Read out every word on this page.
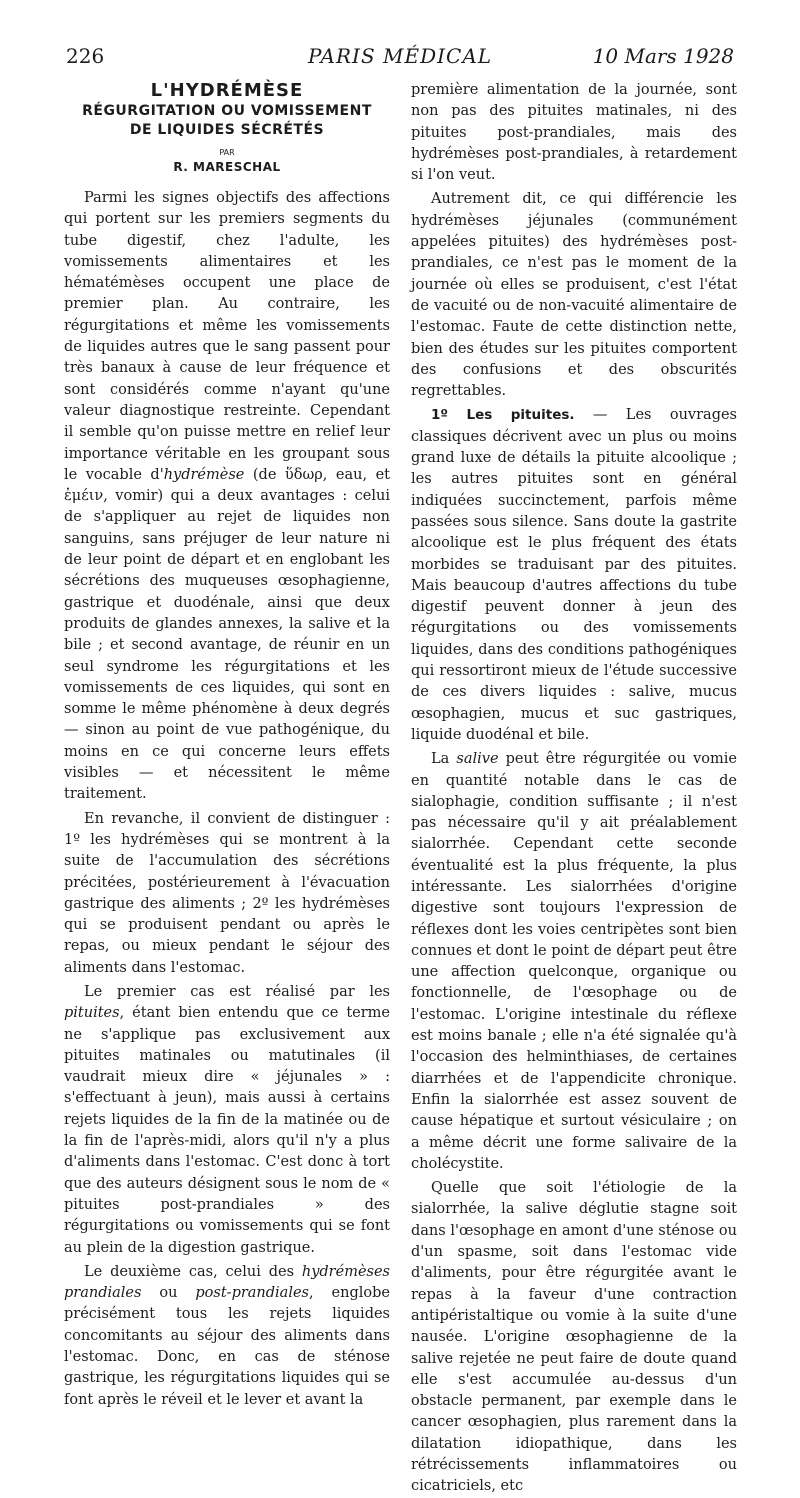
PARIS MÉDICAL
226	10 Mars 1928
L'HYDRÉMÈSE
RÉGURGITATION OU VOMISSEMENT
DE LIQUIDES SÉCRÉTÉS
PAR
R. MARESCHAL

Parmi les signes objectifs des affections qui portent sur les premiers segments du tube digestif, chez l'adulte, les vomissements alimentaires et les hématémèses occupent une place de premier plan. Au contraire, les régurgitations et même les vomissements de liquides autres que le sang passent pour très banaux à cause de leur fréquence et sont considérés comme n'ayant qu'une valeur diagnostique restreinte. Cependant il semble qu'on puisse mettre en relief leur importance véritable en les groupant sous le vocable d'hydrémèse (de ὕδωρ, eau, et ἐμέιν, vomir) qui a deux avantages : celui de s'appliquer au rejet de liquides non sanguins, sans préjuger de leur nature ni de leur point de départ et en englobant les sécrétions des muqueuses œsophagienne, gastrique et duodénale, ainsi que deux produits de glandes annexes, la salive et la bile ; et second avantage, de réunir en un seul syndrome les régurgitations et les vomissements de ces liquides, qui sont en somme le même phénomène à deux degrés — sinon au point de vue pathogénique, du moins en ce qui concerne leurs effets visibles — et nécessitent le même traitement.

En revanche, il convient de distinguer : 1º les hydrémèses qui se montrent à la suite de l'accumulation des sécrétions précitées, postérieurement à l'évacuation gastrique des aliments ; 2º les hydrémèses qui se produisent pendant ou après le repas, ou mieux pendant le séjour des aliments dans l'estomac.

Le premier cas est réalisé par les pituites, étant bien entendu que ce terme ne s'applique pas exclusivement aux pituites matinales ou matutinales (il vaudrait mieux dire « jéjunales » : s'effectuant à jeun), mais aussi à certains rejets liquides de la fin de la matinée ou de la fin de l'après-midi, alors qu'il n'y a plus d'aliments dans l'estomac. C'est donc à tort que des auteurs désignent sous le nom de « pituites post-prandiales » des régurgitations ou vomissements qui se font au plein de la digestion gastrique.

Le deuxième cas, celui des hydrémèses prandiales ou post-prandiales, englobe précisément tous les rejets liquides concomitants au séjour des aliments dans l'estomac. Donc, en cas de sténose gastrique, les régurgitations liquides qui se font après le réveil et le lever et avant la

première alimentation de la journée, sont non pas des pituites matinales, ni des pituites post-prandiales, mais des hydrémèses post-prandiales, à retardement si l'on veut.

Autrement dit, ce qui différencie les hydrémèses jéjunales (communément appelées pituites) des hydrémèses post-prandiales, ce n'est pas le moment de la journée où elles se produisent, c'est l'état de vacuité ou de non-vacuité alimentaire de l'estomac. Faute de cette distinction nette, bien des études sur les pituites comportent des confusions et des obscurités regrettables.

1º Les pituites. — Les ouvrages classiques décrivent avec un plus ou moins grand luxe de détails la pituite alcoolique ; les autres pituites sont en général indiquées succinctement, parfois même passées sous silence. Sans doute la gastrite alcoolique est le plus fréquent des états morbides se traduisant par des pituites. Mais beaucoup d'autres affections du tube digestif peuvent donner à jeun des régurgitations ou des vomissements liquides, dans des conditions pathogéniques qui ressortiront mieux de l'étude successive de ces divers liquides : salive, mucus œsophagien, mucus et suc gastriques, liquide duodénal et bile.

La salive peut être régurgitée ou vomie en quantité notable dans le cas de sialophagie, condition suffisante ; il n'est pas nécessaire qu'il y ait préalablement sialorrhée. Cependant cette seconde éventualité est la plus fréquente, la plus intéressante. Les sialorrhées d'origine digestive sont toujours l'expression de réflexes dont les voies centripètes sont bien connues et dont le point de départ peut être une affection quelconque, organique ou fonctionnelle, de l'œsophage ou de l'estomac. L'origine intestinale du réflexe est moins banale ; elle n'a été signalée qu'à l'occasion des helminthiases, de certaines diarrhées et de l'appendicite chronique. Enfin la sialorrhée est assez souvent de cause hépatique et surtout vésiculaire ; on a même décrit une forme salivaire de la cholécystite.

Quelle que soit l'étiologie de la sialorrhée, la salive déglutie stagne soit dans l'œsophage en amont d'une sténose ou d'un spasme, soit dans l'estomac vide d'aliments, pour être régurgitée avant le repas à la faveur d'une contraction antipéristaltique ou vomie à la suite d'une nausée. L'origine œsophagienne de la salive rejetée ne peut faire de doute quand elle s'est accumulée au-dessus d'un obstacle permanent, par exemple dans le cancer œsophagien, plus rarement dans la dilatation idiopathique, dans les rétrécissements inflammatoires ou cicatriciels, etc
